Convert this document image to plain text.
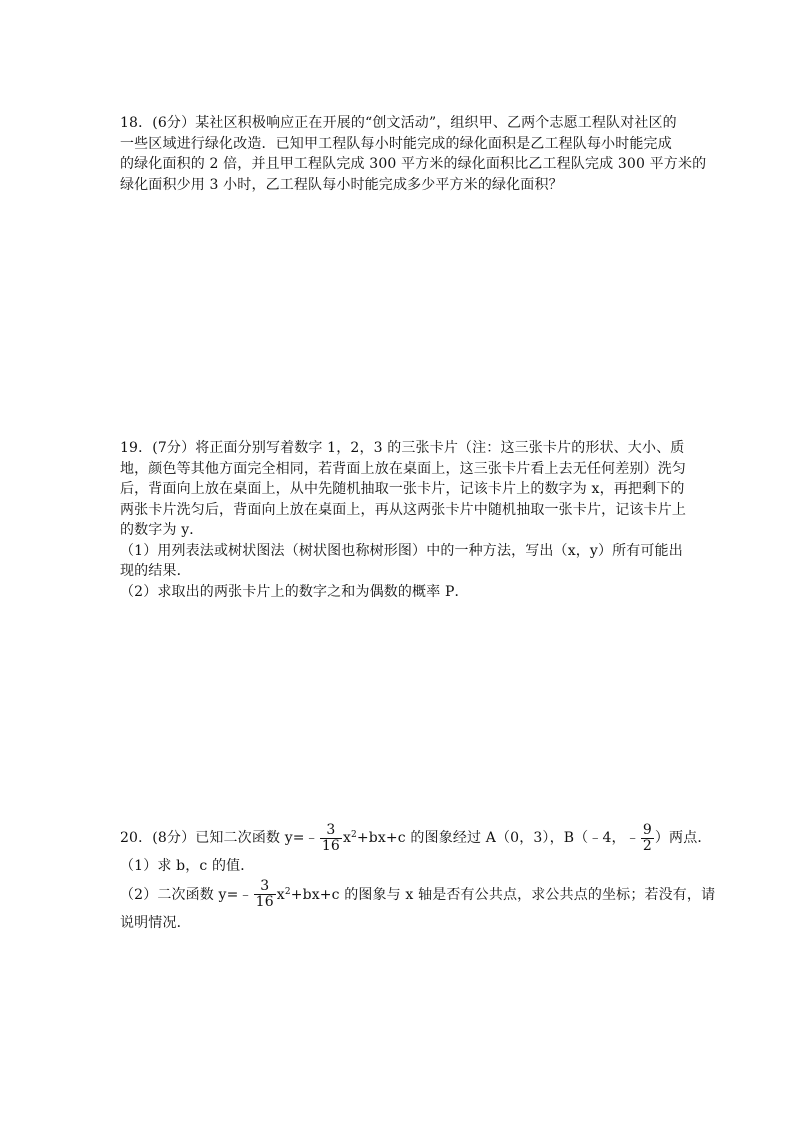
18．(6分）某社区积极响应正在开展的“创文活动”，组织甲、乙两个志愿工程队对社区的
一些区域进行绿化改造．已知甲工程队每小时能完成的绿化面积是乙工程队每小时能完成
的绿化面积的 2 倍，并且甲工程队完成 300 平方米的绿化面积比乙工程队完成 300 平方米的
绿化面积少用 3 小时，乙工程队每小时能完成多少平方米的绿化面积？
19．(7分）将正面分别写着数字 1，2，3 的三张卡片（注：这三张卡片的形状、大小、质
地，颜色等其他方面完全相同，若背面上放在桌面上，这三张卡片看上去无任何差别）洗匀
后，背面向上放在桌面上，从中先随机抽取一张卡片，记该卡片上的数字为 x，再把剩下的
两张卡片洗匀后，背面向上放在桌面上，再从这两张卡片中随机抽取一张卡片，记该卡片上
的数字为 y．
（1）用列表法或树状图法（树状图也称树形图）中的一种方法，写出（x，y）所有可能出
现的结果．
（2）求取出的两张卡片上的数字之和为偶数的概率 P．
20．(8分）已知二次函数 y=﹣ $\frac{3}{16} x^2+bx+c$ 的图象经过 A（0，3），B（﹣4，﹣ $\frac{9}{2}$ ）两点．
（1）求 b，c 的值．
（2）二次函数 y=﹣ $\frac{3}{16} x^2+bx+c$ 的图象与 x 轴是否有公共点，求公共点的坐标；若没有，请
说明情况．
